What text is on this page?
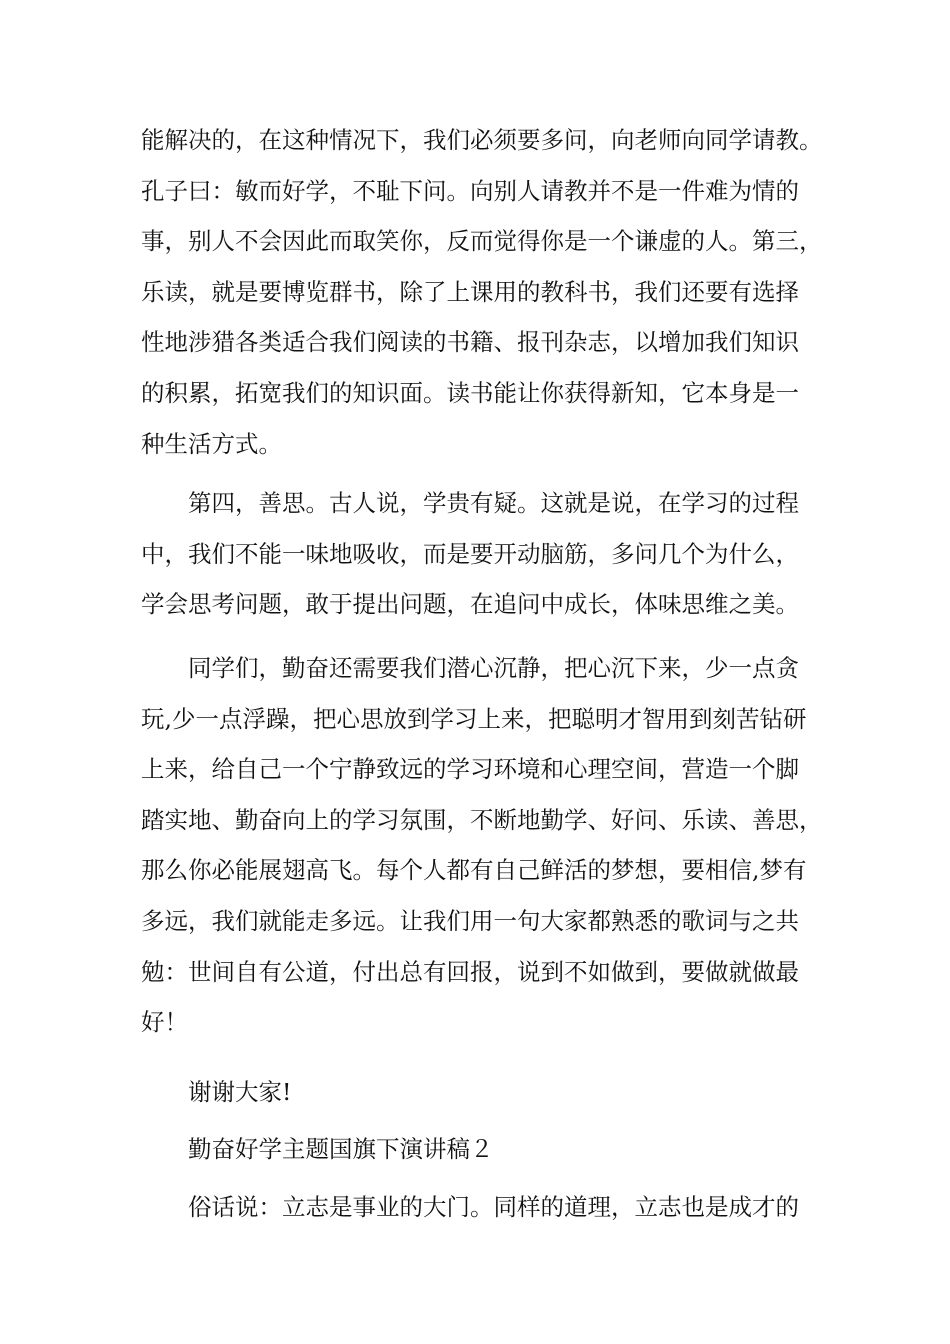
能解决的，在这种情况下，我们必须要多问，向老师向同学请教。
孔子曰：敏而好学，不耻下问。向别人请教并不是一件难为情的
事，别人不会因此而取笑你，反而觉得你是一个谦虚的人。第三，
乐读，就是要博览群书，除了上课用的教科书，我们还要有选择
性地涉猎各类适合我们阅读的书籍、报刊杂志，以增加我们知识
的积累，拓宽我们的知识面。读书能让你获得新知，它本身是一
种生活方式。
第四，善思。古人说，学贵有疑。这就是说，在学习的过程
中，我们不能一味地吸收，而是要开动脑筋，多问几个为什么，
学会思考问题，敢于提出问题，在追问中成长，体味思维之美。
同学们，勤奋还需要我们潜心沉静，把心沉下来，少一点贪
玩,少一点浮躁，把心思放到学习上来，把聪明才智用到刻苦钻研
上来，给自己一个宁静致远的学习环境和心理空间，营造一个脚
踏实地、勤奋向上的学习氛围，不断地勤学、好问、乐读、善思，
那么你必能展翅高飞。每个人都有自己鲜活的梦想，要相信,梦有
多远，我们就能走多远。让我们用一句大家都熟悉的歌词与之共
勉：世间自有公道，付出总有回报，说到不如做到，要做就做最
好！
谢谢大家!
勤奋好学主题国旗下演讲稿２
俗话说：立志是事业的大门。同样的道理，立志也是成才的
